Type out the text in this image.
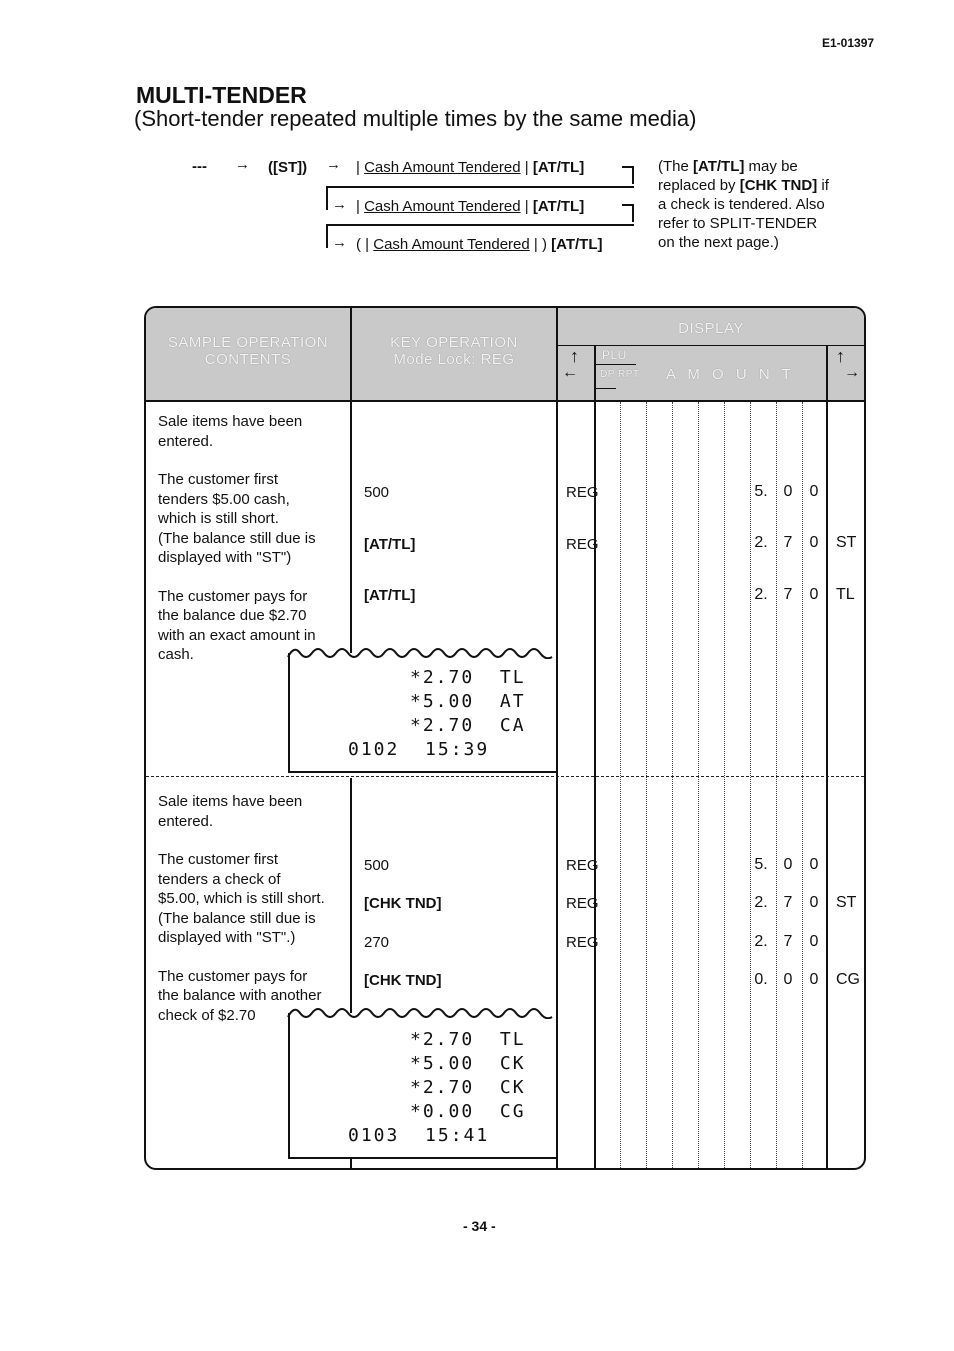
E1-01397
MULTI-TENDER
(Short-tender repeated multiple times by the same media)
--- → ([ST]) → | Cash Amount Tendered | [AT/TL]
→ | Cash Amount Tendered | [AT/TL]
→ ( | Cash Amount Tendered | ) [AT/TL]
(The [AT/TL] may be
replaced by [CHK TND] if
a check is tendered. Also
refer to SPLIT-TENDER
on the next page.)
SAMPLE OPERATION
CONTENTS
KEY OPERATION
Mode Lock: REG
DISPLAY
PLU
DP RPT A M O U N T
↑
←
↑
→
Sale items have been
entered.
The customer first
tenders $5.00 cash,
which is still short.
(The balance still due is
displayed with "ST")
The customer pays for
the balance due $2.70
with an exact amount in
cash.
500
[AT/TL]
[AT/TL]
REG
REG
5. 0 0
2. 7 0 ST
2. 7 0 TL
*2.70  TL
*5.00  AT
*2.70  CA
0102  15:39
Sale items have been
entered.
The customer first
tenders a check of
$5.00, which is still short.
(The balance still due is
displayed with "ST".)
The customer pays for
the balance with another
check of $2.70
500
[CHK TND]
270
[CHK TND]
REG
REG
REG
5. 0 0
2. 7 0 ST
2. 7 0
0. 0 0 CG
*2.70  TL
*5.00  CK
*2.70  CK
*0.00  CG
0103  15:41
- 34 -
